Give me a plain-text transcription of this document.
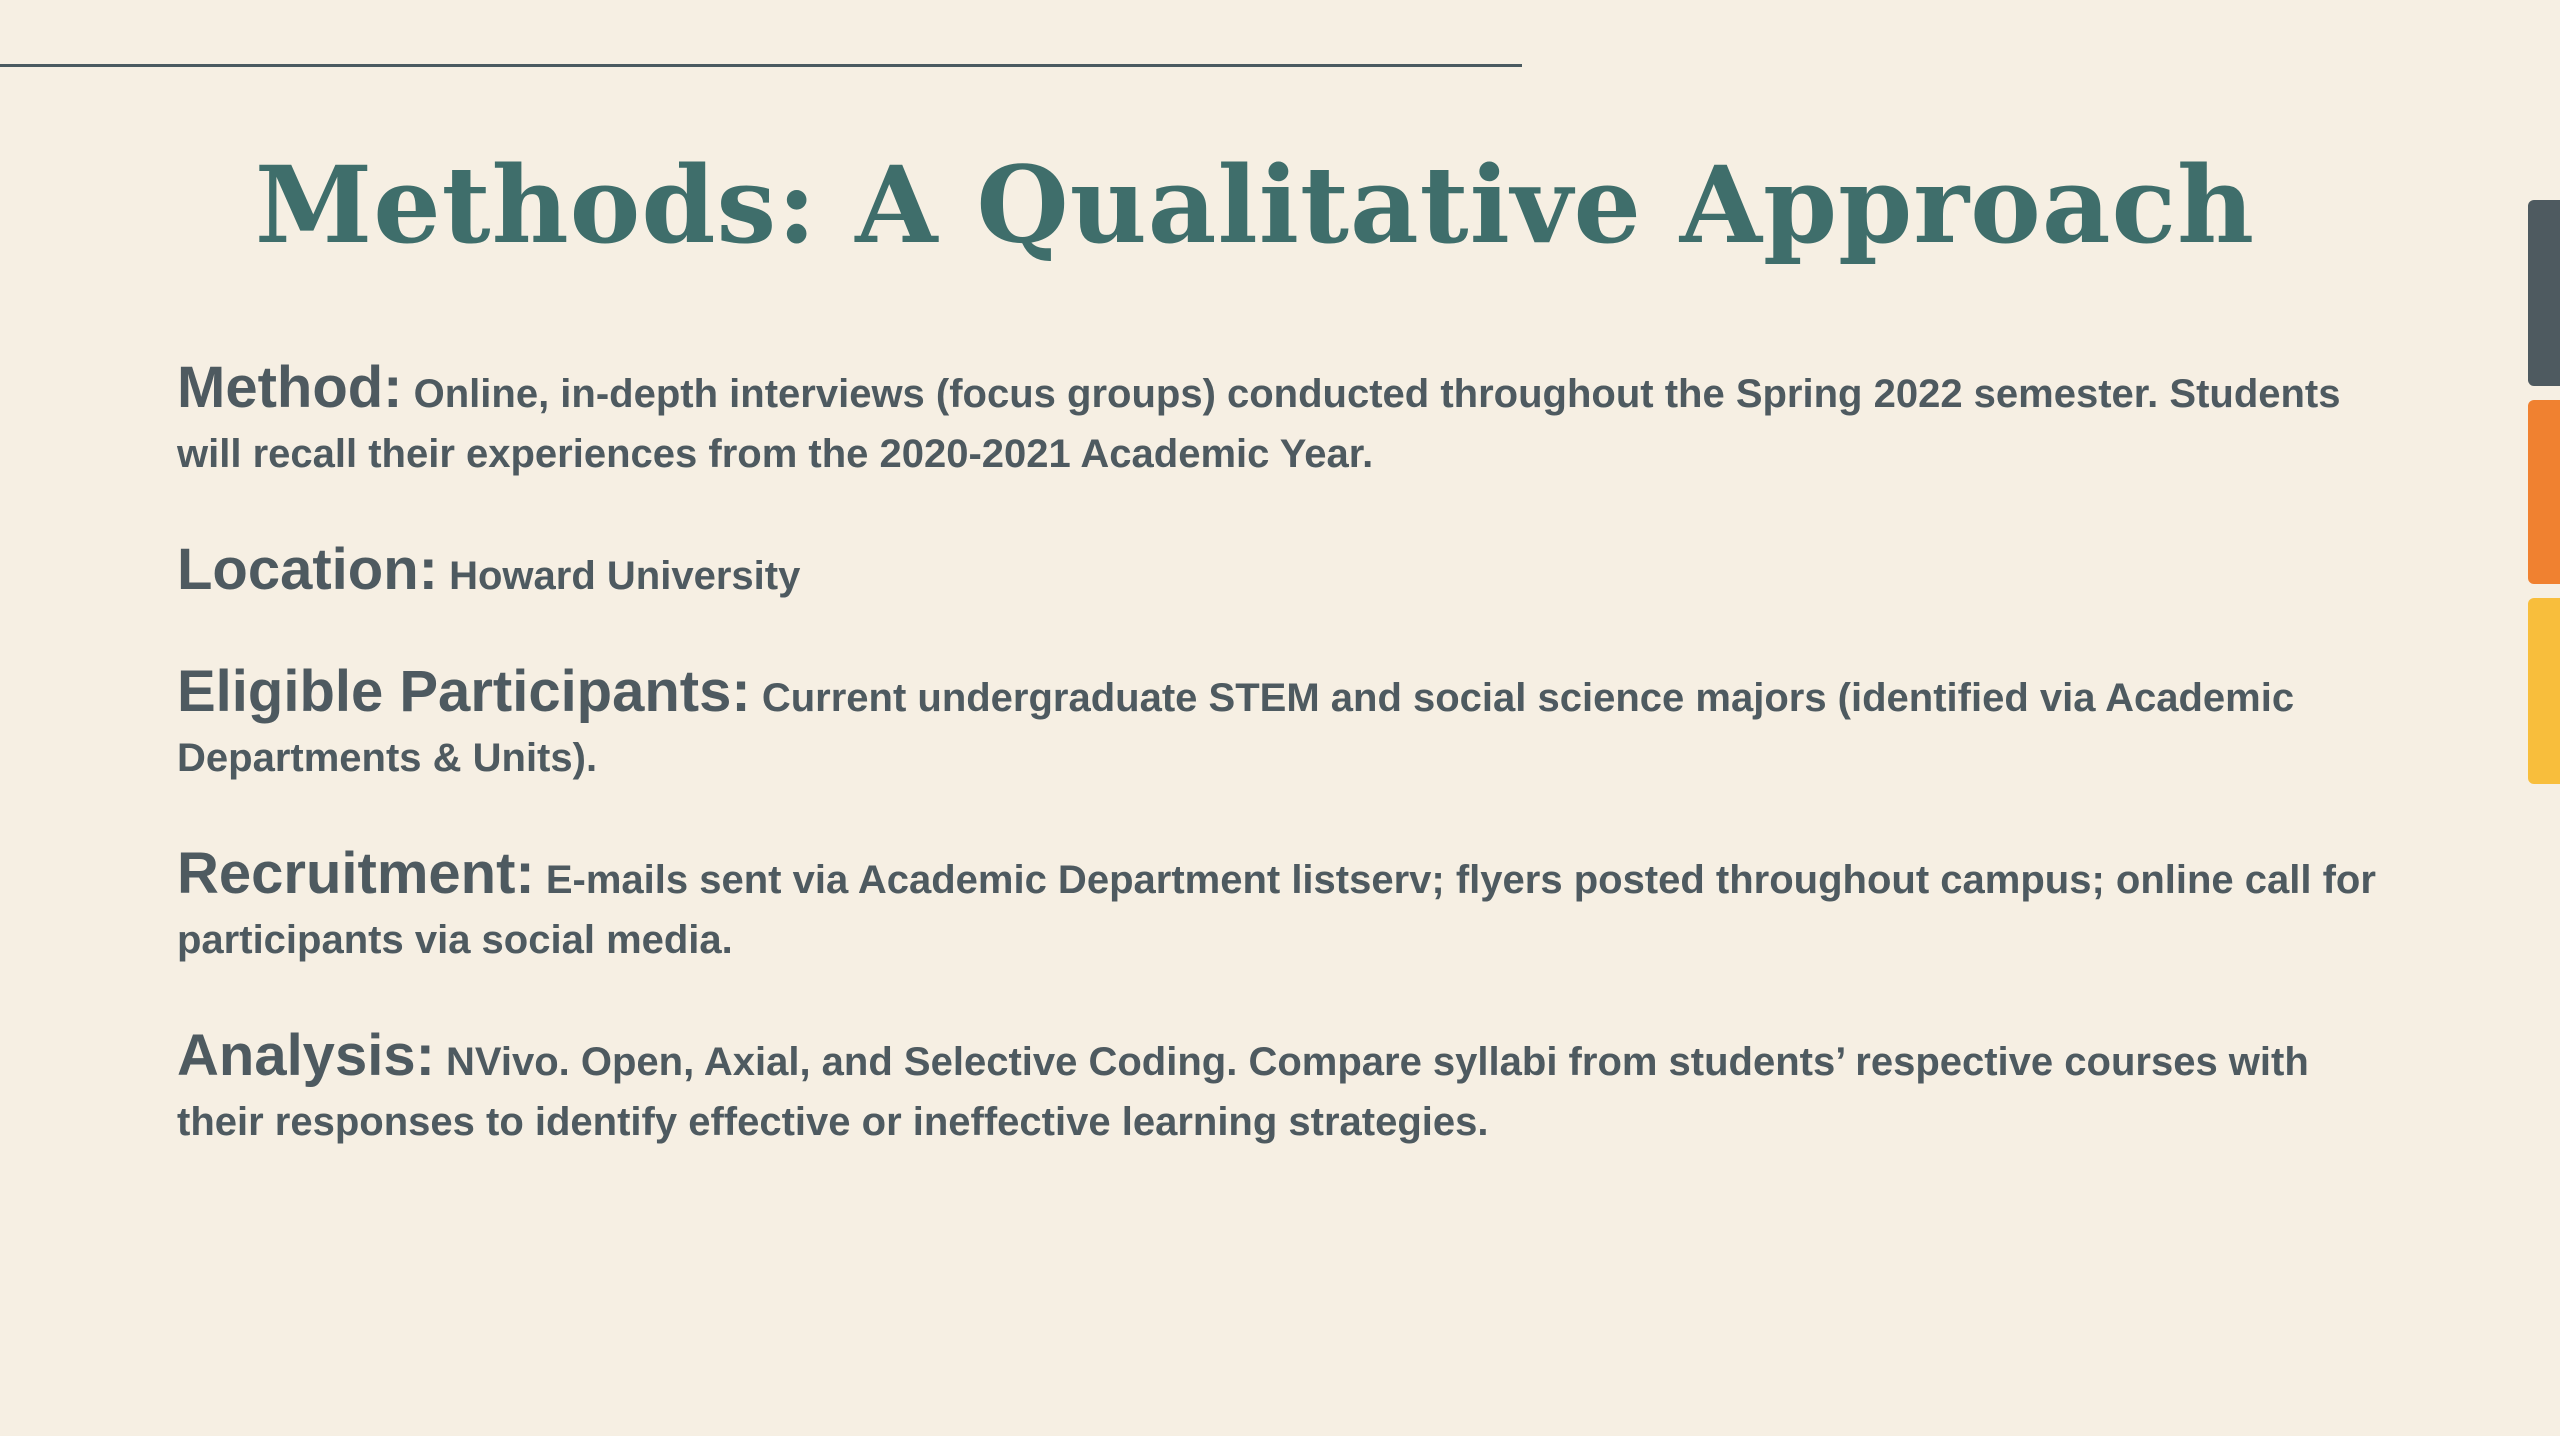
Methods: A Qualitative Approach

Method: Online, in-depth interviews (focus groups) conducted throughout the Spring 2022 semester. Students will recall their experiences from the 2020-2021 Academic Year.

Location: Howard University

Eligible Participants: Current undergraduate STEM and social science majors (identified via Academic Departments & Units).

Recruitment: E-mails sent via Academic Department listserv; flyers posted throughout campus; online call for participants via social media.

Analysis: NVivo. Open, Axial, and Selective Coding. Compare syllabi from students’ respective courses with their responses to identify effective or ineffective learning strategies.
